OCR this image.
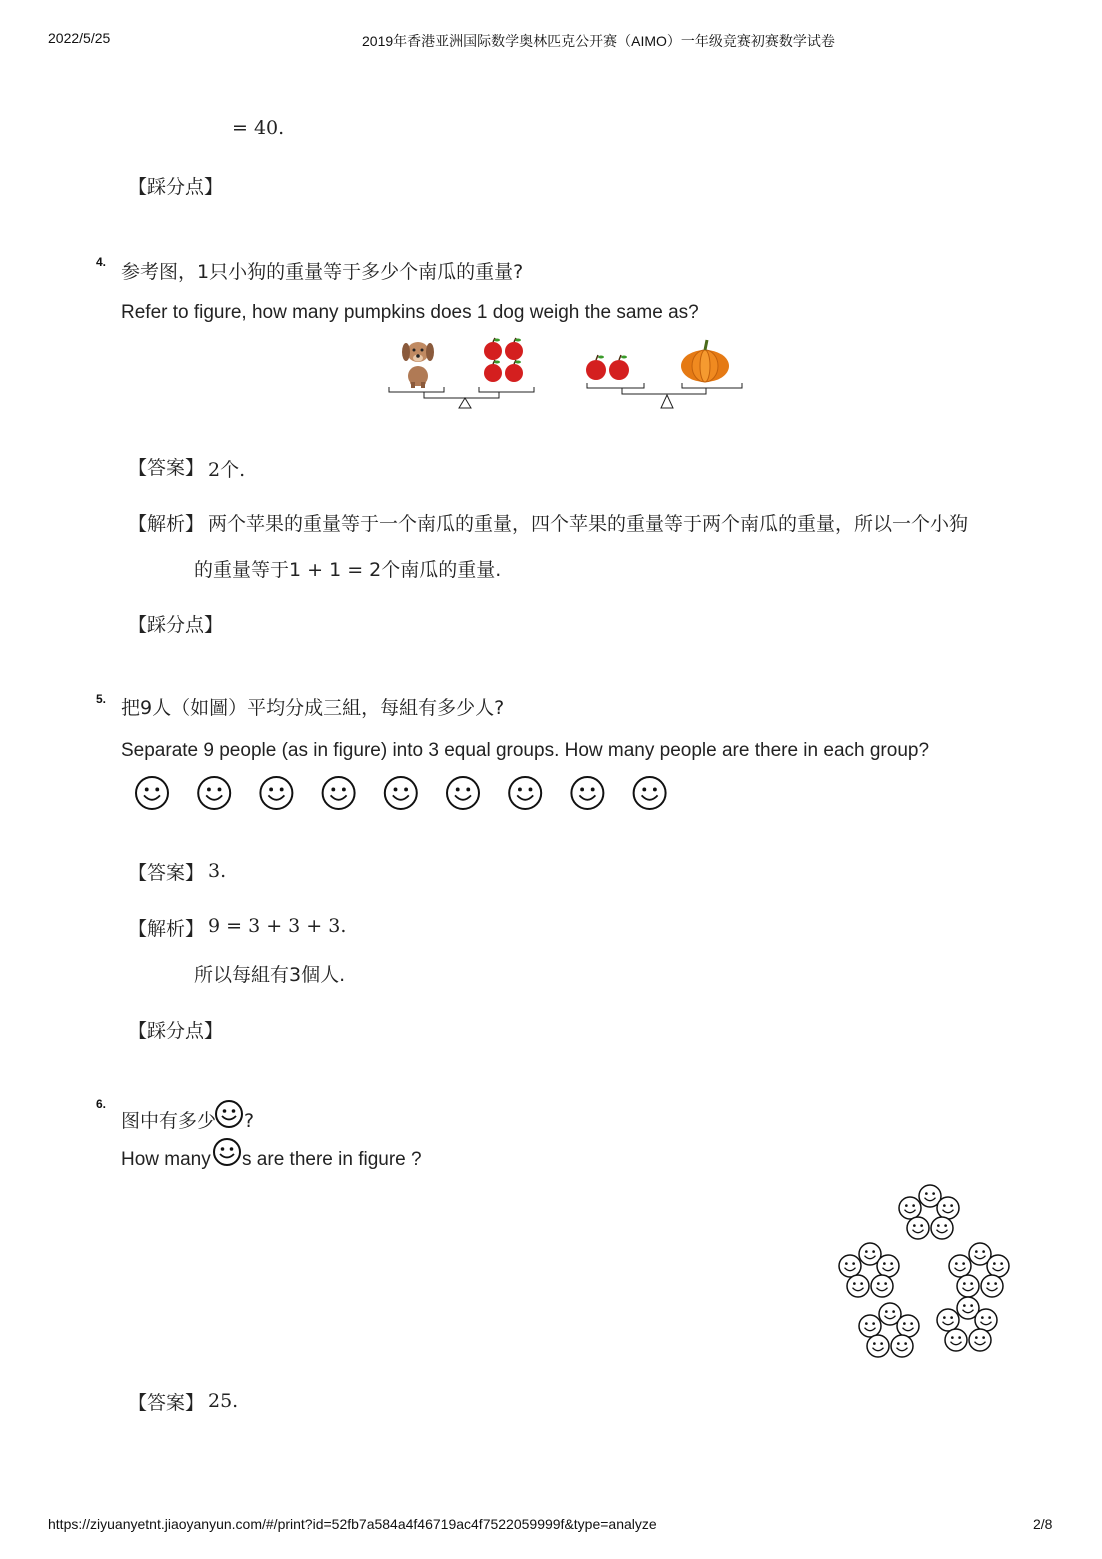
2022/5/25	2019年香港亚洲国际数学奥林匹克公开赛（AIMO）一年级竞赛初赛数学试卷
= 40.
【踩分点】
4. 参考图，1只小狗的重量等于多少个南瓜的重量?
Refer to figure, how many pumpkins does 1 dog weigh the same as?
【答案】 2个.
【解析】 两个苹果的重量等于一个南瓜的重量，四个苹果的重量等于两个南瓜的重量，所以一个小狗
的重量等于1 + 1 = 2个南瓜的重量.
【踩分点】
5. 把9人（如圖）平均分成三組，每組有多少人?
Separate 9 people (as in figure) into 3 equal groups. How many people are there in each group?
【答案】 3.
【解析】 9 = 3 + 3 + 3.
所以每組有3個人.
【踩分点】
6.
图中有多少 ?
How many s are there in figure ?
【答案】 25.
https://ziyuanyetnt.jiaoyanyun.com/#/print?id=52fb7a584a4f46719ac4f7522059999f&type=analyze	2/8
